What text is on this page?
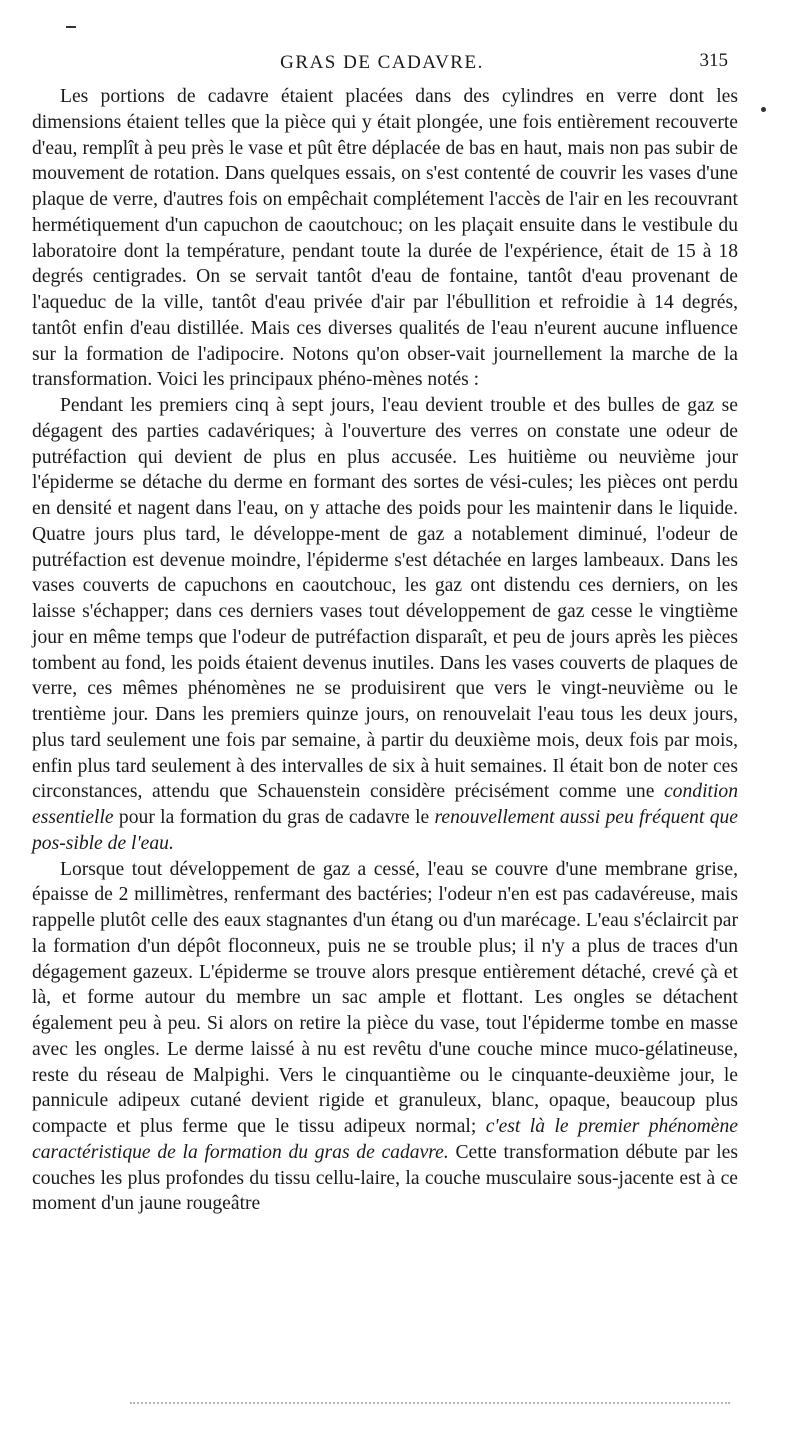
GRAS DE CADAVRE.	315

Les portions de cadavre étaient placées dans des cylindres en verre dont les dimensions étaient telles que la pièce qui y était plongée, une fois entièrement recouverte d'eau, remplît à peu près le vase et pût être déplacée de bas en haut, mais non pas subir de mouvement de rotation. Dans quelques essais, on s'est contenté de couvrir les vases d'une plaque de verre, d'autres fois on empêchait complétement l'accès de l'air en les recouvrant hermétiquement d'un capuchon de caoutchouc; on les plaçait ensuite dans le vestibule du laboratoire dont la température, pendant toute la durée de l'expérience, était de 15 à 18 degrés centigrades. On se servait tantôt d'eau de fontaine, tantôt d'eau provenant de l'aqueduc de la ville, tantôt d'eau privée d'air par l'ébullition et refroidie à 14 degrés, tantôt enfin d'eau distillée. Mais ces diverses qualités de l'eau n'eurent aucune influence sur la formation de l'adipocire. Notons qu'on obser-vait journellement la marche de la transformation. Voici les principaux phéno-mènes notés :

Pendant les premiers cinq à sept jours, l'eau devient trouble et des bulles de gaz se dégagent des parties cadavériques; à l'ouverture des verres on constate une odeur de putréfaction qui devient de plus en plus accusée. Les huitième ou neuvième jour l'épiderme se détache du derme en formant des sortes de vési-cules; les pièces ont perdu en densité et nagent dans l'eau, on y attache des poids pour les maintenir dans le liquide. Quatre jours plus tard, le développe-ment de gaz a notablement diminué, l'odeur de putréfaction est devenue moindre, l'épiderme s'est détachée en larges lambeaux. Dans les vases couverts de capuchons en caoutchouc, les gaz ont distendu ces derniers, on les laisse s'échapper; dans ces derniers vases tout développement de gaz cesse le vingtième jour en même temps que l'odeur de putréfaction disparaît, et peu de jours après les pièces tombent au fond, les poids étaient devenus inutiles. Dans les vases couverts de plaques de verre, ces mêmes phénomènes ne se produisirent que vers le vingt-neuvième ou le trentième jour. Dans les premiers quinze jours, on renouvelait l'eau tous les deux jours, plus tard seulement une fois par semaine, à partir du deuxième mois, deux fois par mois, enfin plus tard seulement à des intervalles de six à huit semaines. Il était bon de noter ces circonstances, attendu que Schauenstein considère précisément comme une condition essentielle pour la formation du gras de cadavre le renouvellement aussi peu fréquent que pos-sible de l'eau.

Lorsque tout développement de gaz a cessé, l'eau se couvre d'une membrane grise, épaisse de 2 millimètres, renfermant des bactéries; l'odeur n'en est pas cadavéreuse, mais rappelle plutôt celle des eaux stagnantes d'un étang ou d'un marécage. L'eau s'éclaircit par la formation d'un dépôt floconneux, puis ne se trouble plus; il n'y a plus de traces d'un dégagement gazeux. L'épiderme se trouve alors presque entièrement détaché, crevé çà et là, et forme autour du membre un sac ample et flottant. Les ongles se détachent également peu à peu. Si alors on retire la pièce du vase, tout l'épiderme tombe en masse avec les ongles. Le derme laissé à nu est revêtu d'une couche mince muco-gélatineuse, reste du réseau de Malpighi. Vers le cinquantième ou le cinquante-deuxième jour, le pannicule adipeux cutané devient rigide et granuleux, blanc, opaque, beaucoup plus compacte et plus ferme que le tissu adipeux normal; c'est là le premier phénomène caractéristique de la formation du gras de cadavre. Cette transformation débute par les couches les plus profondes du tissu cellu-laire, la couche musculaire sous-jacente est à ce moment d'un jaune rougeâtre
